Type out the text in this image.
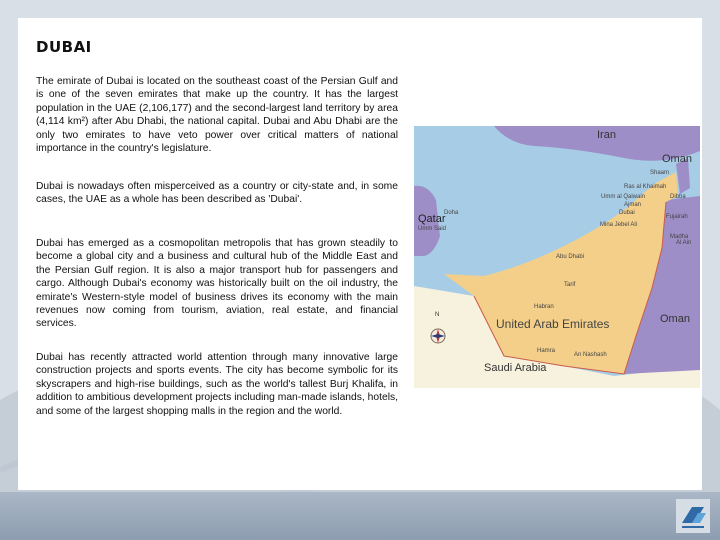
DUBAI

The emirate of Dubai is located on the southeast coast of the Persian Gulf and is one of the seven emirates that make up the country. It has the largest population in the UAE (2,106,177) and the second-largest land territory by area (4,114 km²) after Abu Dhabi, the national capital. Dubai and Abu Dhabi are the only two emirates to have veto power over critical matters of national importance in the country's legislature.

Dubai is nowadays often misperceived as a country or city-state and, in some cases, the UAE as a whole has been described as 'Dubai'.

Dubai has emerged as a cosmopolitan metropolis that has grown steadily to become a global city and a business and cultural hub of the Middle East and the Persian Gulf region. It is also a major transport hub for passengers and cargo. Although Dubai's economy was historically built on the oil industry, the emirate's Western-style model of business drives its economy with the main revenues now coming from tourism, aviation, real estate, and financial services.

Dubai has recently attracted world attention through many innovative large construction projects and sports events. The city has become symbolic for its skyscrapers and high-rise buildings, such as the world's tallest Burj Khalifa, in addition to ambitious development projects including man-made islands, hotels, and some of the largest shopping malls in the region and the world.

Iran
Oman
Qatar
United Arab Emirates	Oman
Saudi Arabia
Shaam
Ras al Khaimah
Umm al Qaiwain
Ajman
Dibba
Dubai
Fujairah
Mina Jebel Ali
Doha
Umm Said
Madha
Al Ain
Abu Dhabi
Tarif
Habran
Hamra
An Nashash
N
